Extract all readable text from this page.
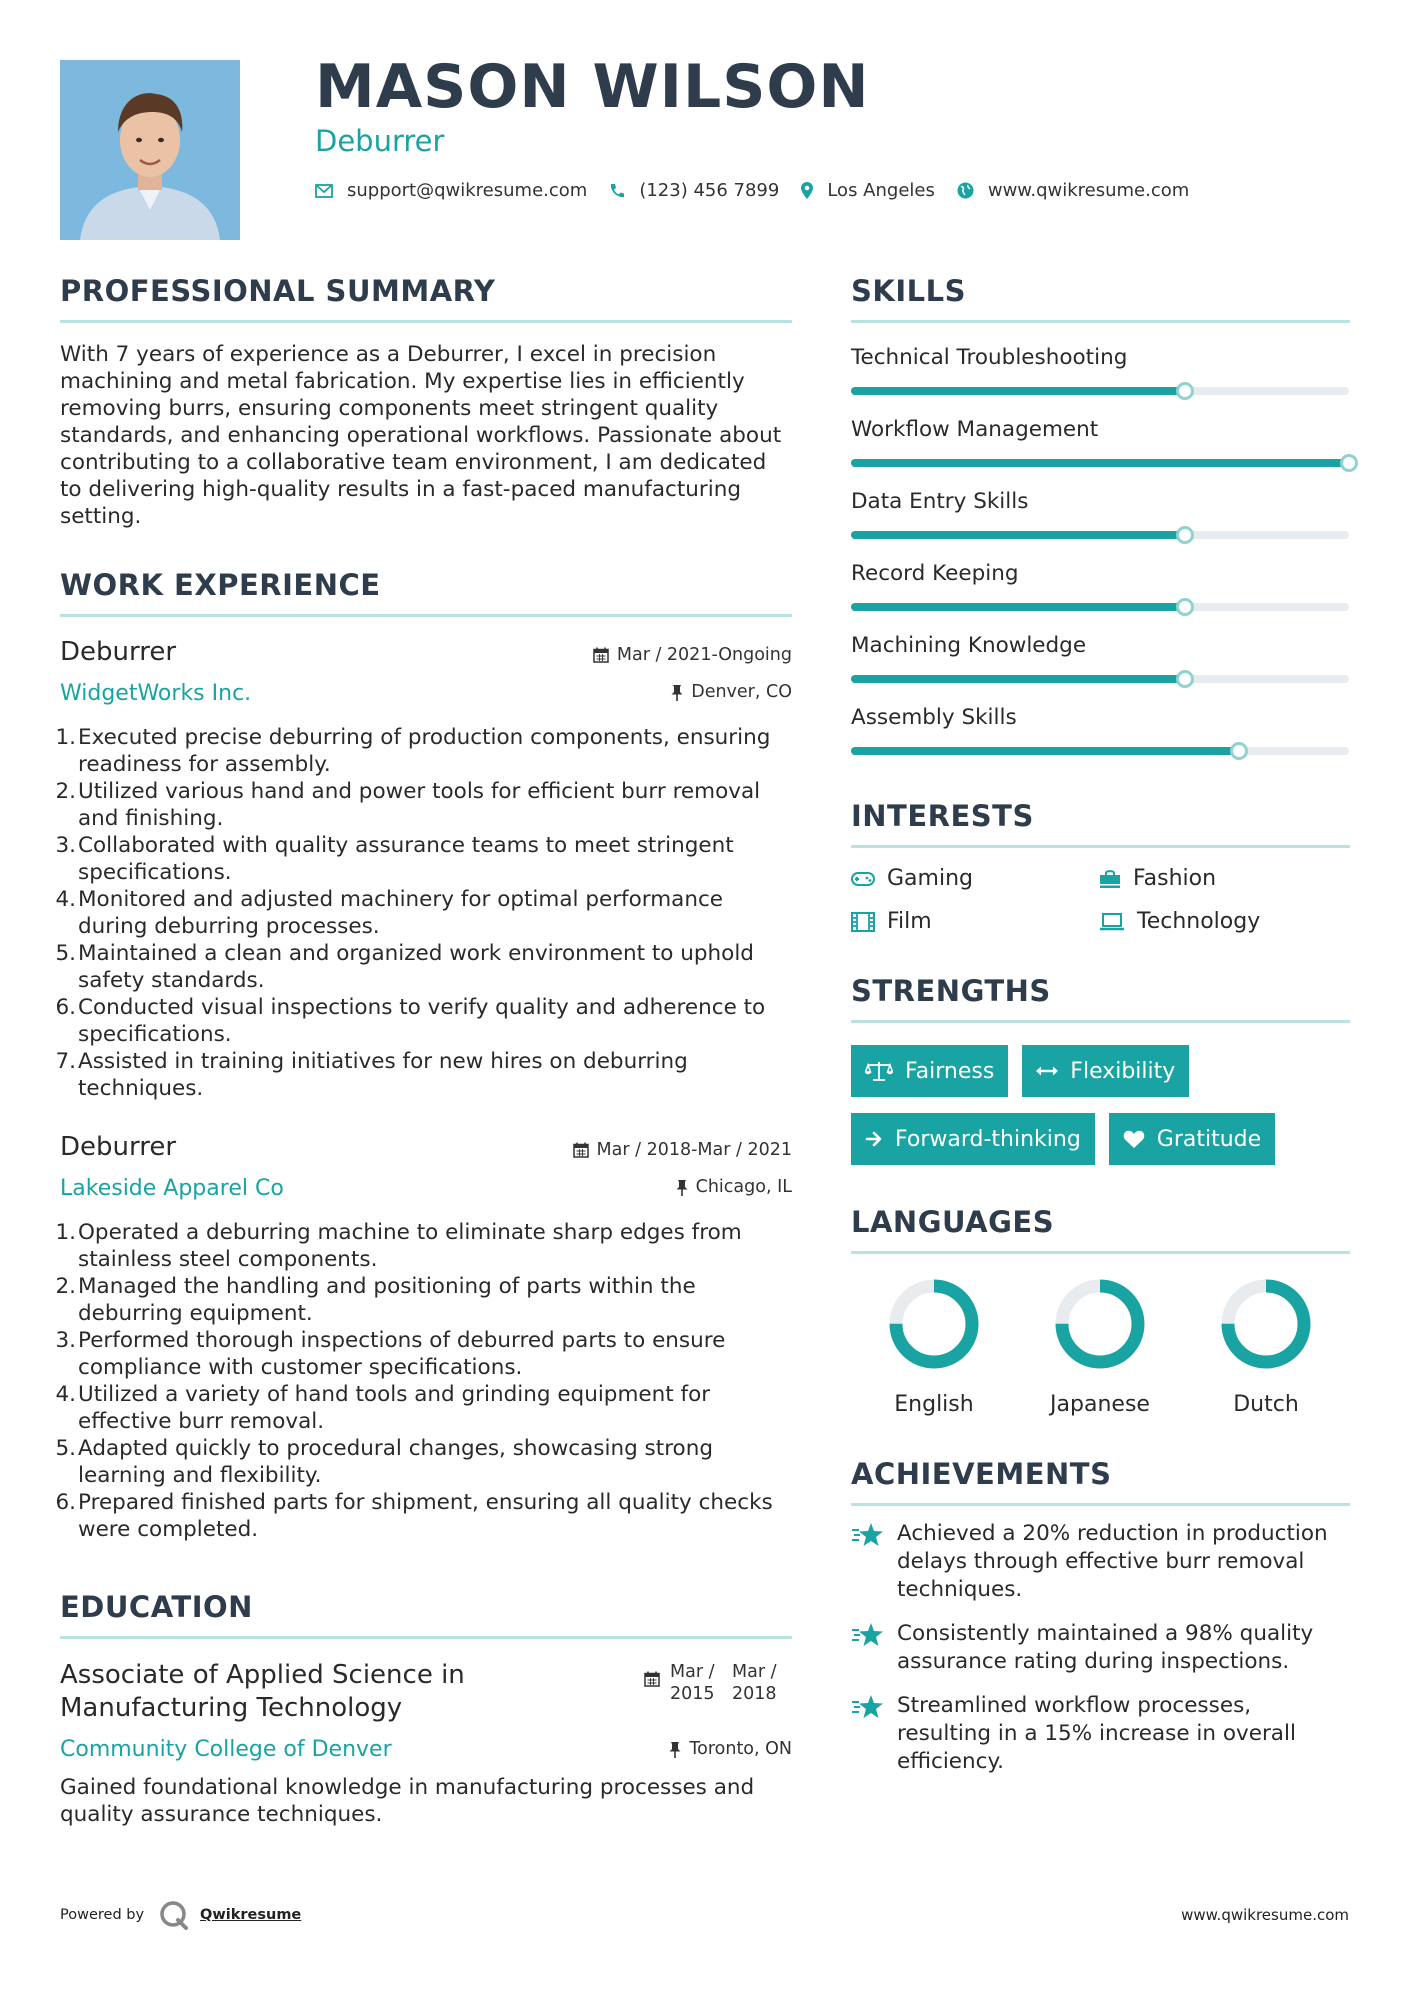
MASON WILSON
Deburrer
support@qwikresume.com	(123) 456 7899	Los Angeles	www.qwikresume.com
PROFESSIONAL SUMMARY
With 7 years of experience as a Deburrer, I excel in precision machining and metal fabrication. My expertise lies in efficiently removing burrs, ensuring components meet stringent quality standards, and enhancing operational workflows. Passionate about contributing to a collaborative team environment, I am dedicated to delivering high-quality results in a fast-paced manufacturing setting.
WORK EXPERIENCE
Mar / 2021-Ongoing
Denver, CO
Deburrer
WidgetWorks Inc.
1. Executed precise deburring of production components, ensuring readiness for assembly.
2. Utilized various hand and power tools for efficient burr removal and finishing.
3. Collaborated with quality assurance teams to meet stringent specifications.
4. Monitored and adjusted machinery for optimal performance during deburring processes.
5. Maintained a clean and organized work environment to uphold safety standards.
6. Conducted visual inspections to verify quality and adherence to specifications.
7. Assisted in training initiatives for new hires on deburring techniques.
Mar / 2018-Mar / 2021
Chicago, IL
Deburrer
Lakeside Apparel Co
1. Operated a deburring machine to eliminate sharp edges from stainless steel components.
2. Managed the handling and positioning of parts within the deburring equipment.
3. Performed thorough inspections of deburred parts to ensure compliance with customer specifications.
4. Utilized a variety of hand tools and grinding equipment for effective burr removal.
5. Adapted quickly to procedural changes, showcasing strong learning and flexibility.
6. Prepared finished parts for shipment, ensuring all quality checks were completed.
EDUCATION
Mar / 2015
Mar / 2018
Toronto, ON
Associate of Applied Science in Manufacturing Technology
Community College of Denver
Gained foundational knowledge in manufacturing processes and quality assurance techniques.
SKILLS
Technical Troubleshooting
Workflow Management
Data Entry Skills
Record Keeping
Machining Knowledge
Assembly Skills
INTERESTS
Gaming	Fashion
Film	Technology
STRENGTHS
Fairness	Flexibility
Forward-thinking	Gratitude
LANGUAGES
English	Japanese	Dutch
ACHIEVEMENTS
Achieved a 20% reduction in production delays through effective burr removal techniques.
Consistently maintained a 98% quality assurance rating during inspections.
Streamlined workflow processes, resulting in a 15% increase in overall efficiency.
Powered by	Qwikresume	www.qwikresume.com
